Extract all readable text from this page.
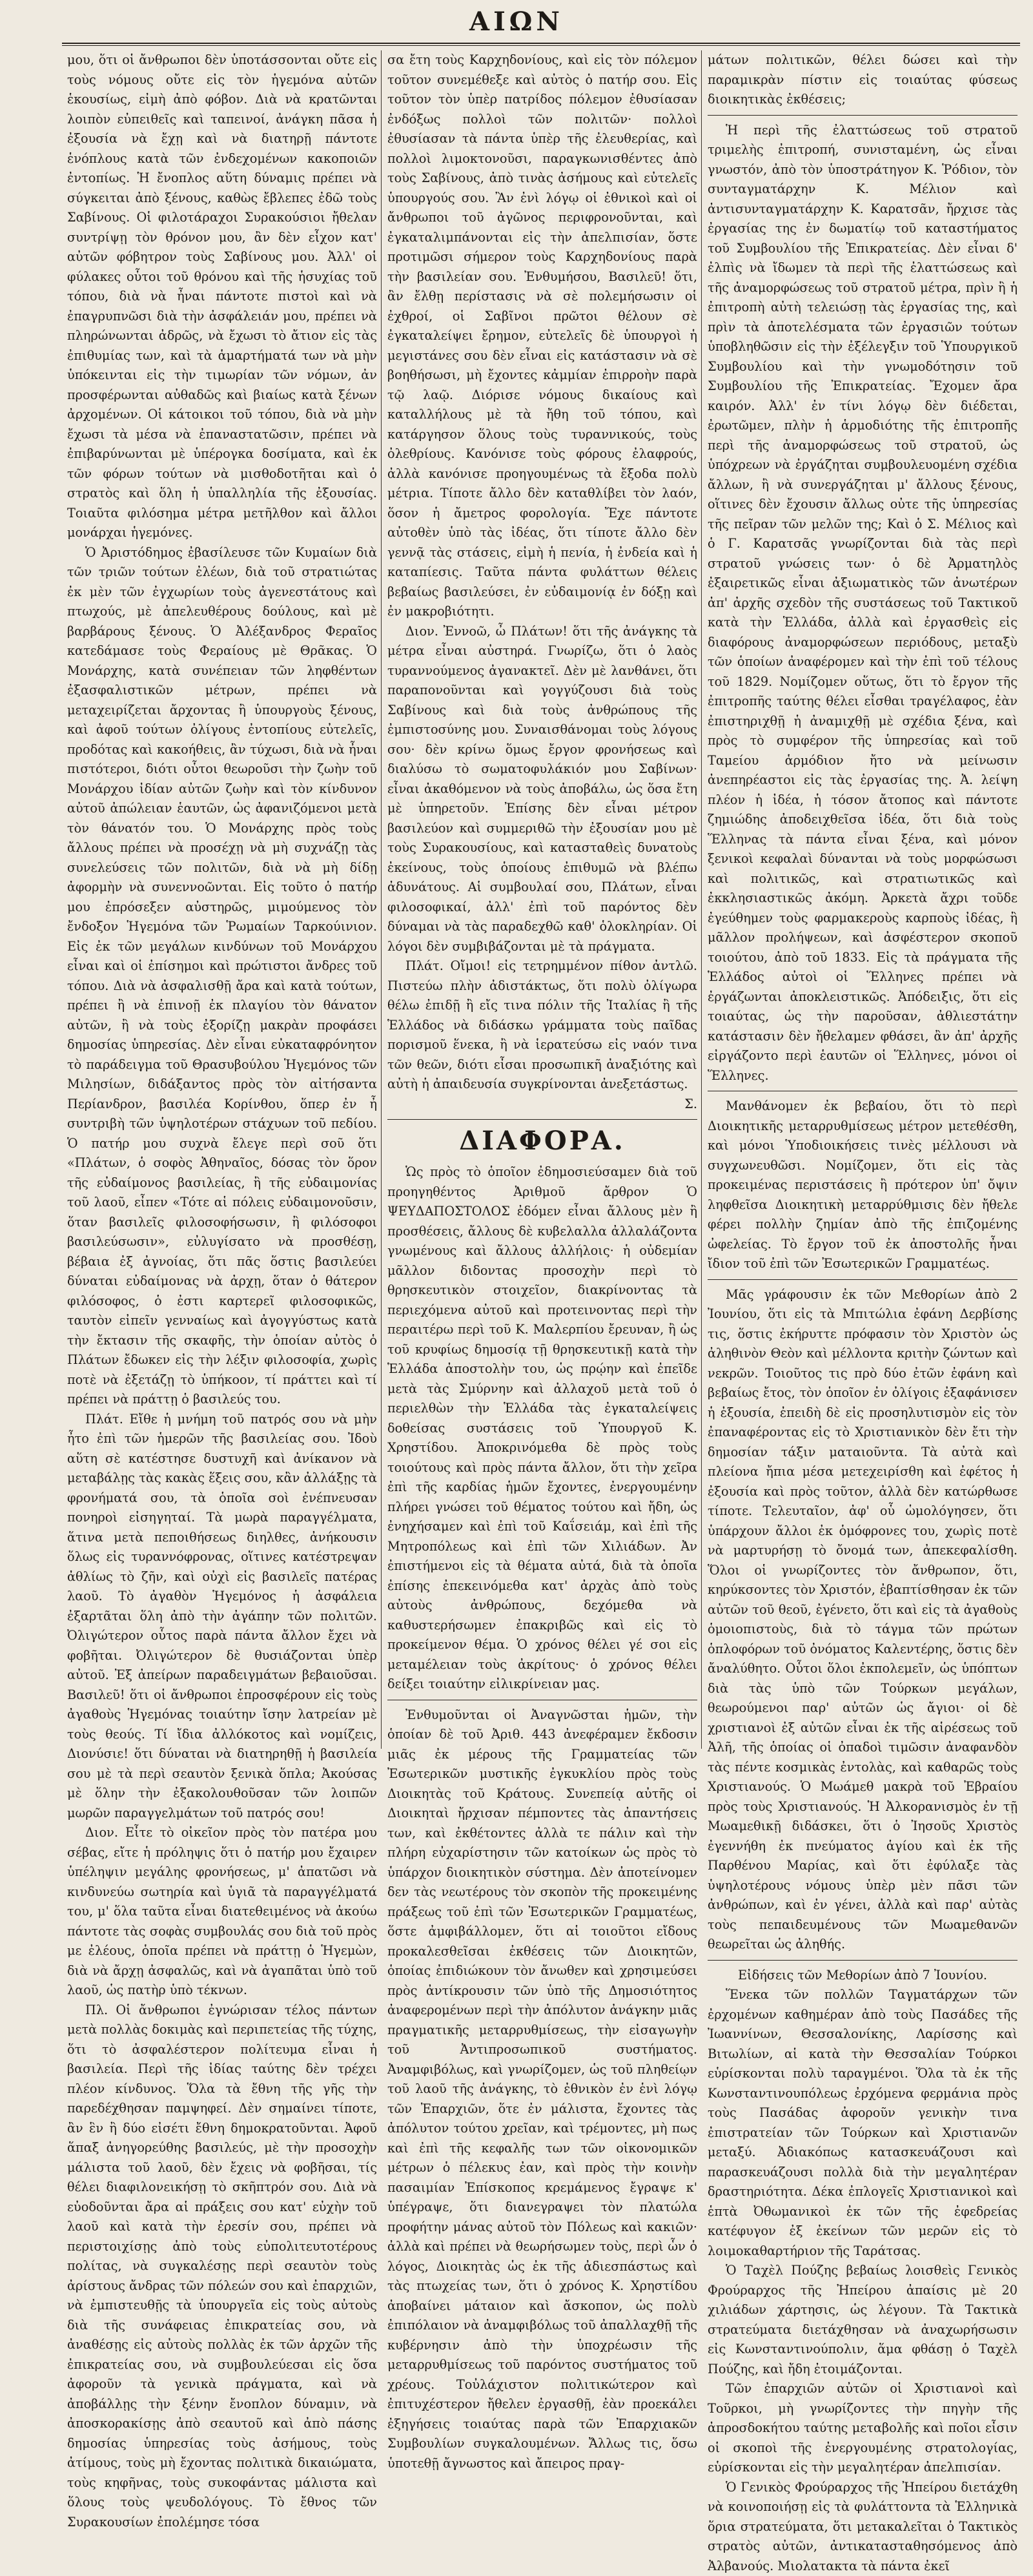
ΑΙΩΝ

μου, ὅτι οἱ ἄνθρωποι δὲν ὑποτάσσονται οὔτε εἰς τοὺς νόμους οὔτε εἰς τὸν ἡγεμόνα αὐτῶν ἑκουσίως, εἰμὴ ἀπὸ φόβον. Διὰ νὰ κρατῶνται λοιπὸν εὐπειθεῖς καὶ ταπεινοί, ἀνάγκη πᾶσα ἡ ἐξουσία νὰ ἔχῃ καὶ νὰ διατηρῇ πάντοτε ἑνόπλους κατὰ τῶν ἐνδεχομένων κακοποιῶν ἐντοπίως. Ἡ ἔνοπλος αὕτη δύναμις πρέπει νὰ σύγκειται ἀπὸ ξένους, καθὼς ἔβλεπες ἐδῶ τοὺς Σαβίνους. Οἱ φιλοτάραχοι Συρακούσιοι ἤθελαν συντρίψῃ τὸν θρόνον μου, ἂν δὲν εἶχον κατ' αὐτῶν φόβητρον τοὺς Σαβίνους μου. Ἀλλ' οἱ φύλακες οὗτοι τοῦ θρόνου καὶ τῆς ἡσυχίας τοῦ τόπου, διὰ νὰ ἦναι πάντοτε πιστοὶ καὶ νὰ ἐπαγρυπνῶσι διὰ τὴν ἀσφάλειάν μου, πρέπει νὰ πληρώνωνται ἀδρῶς, νὰ ἔχωσι τὸ ἄτιον εἰς τὰς ἐπιθυμίας των, καὶ τὰ ἁμαρτήματά των νὰ μὴν ὑπόκεινται εἰς τὴν τιμωρίαν τῶν νόμων, ἀν προσφέρωνται αὐθαδῶς καὶ βιαίως κατὰ ξένων ἀρχομένων. Οἱ κάτοικοι τοῦ τόπου, διὰ νὰ μὴν ἔχωσι τὰ μέσα νὰ ἐπαναστατῶσιν, πρέπει νὰ ἐπιβαρύνωνται μὲ ὑπέρογκα δοσίματα, καὶ ἐκ τῶν φόρων τούτων νὰ μισθοδοτῆται καὶ ὁ στρατὸς καὶ ὅλη ἡ ὑπαλληλία τῆς ἐξουσίας. Τοιαῦτα φιλόσημα μέτρα μετῆλθον καὶ ἄλλοι μονάρχαι ἡγεμόνες.

Ὁ Ἀριστόδημος ἐβασίλευσε τῶν Κυμαίων διὰ τῶν τριῶν τούτων ἐλέων, διὰ τοῦ στρατιώτας ἐκ μὲν τῶν ἐγχωρίων τοὺς ἀγενεστάτους καὶ πτωχούς, μὲ ἀπελευθέρους δούλους, καὶ μὲ βαρβάρους ξένους. Ὁ Ἀλέξανδρος Φεραῖος κατεδάμασε τοὺς Φεραίους μὲ Θρᾶκας. Ὁ Μονάρχης, κατὰ συνέπειαν τῶν ληφθέντων ἐξασφαλιστικῶν μέτρων, πρέπει νὰ μεταχειρίζεται ἄρχοντας ἢ ὑπουργοὺς ξένους, καὶ ἀφοῦ τούτων ὀλίγους ἐντοπίους εὐτελεῖς, προδότας καὶ κακοήθεις, ἂν τύχωσι, διὰ νὰ ἦναι πιστότεροι, διότι οὗτοι θεωροῦσι τὴν ζωὴν τοῦ Μονάρχου ἰδίαν αὐτῶν ζωὴν καὶ τὸν κίνδυνον αὐτοῦ ἀπώλειαν ἑαυτῶν, ὡς ἀφανιζόμενοι μετὰ τὸν θάνατόν του. Ὁ Μονάρχης πρὸς τοὺς ἄλλους πρέπει νὰ προσέχῃ νὰ μὴ συχνάζῃ τὰς συνελεύσεις τῶν πολιτῶν, διὰ νὰ μὴ δίδῃ ἀφορμὴν νὰ συνεννοῶνται. Εἰς τοῦτο ὁ πατήρ μου ἐπρόσεξεν αὐστηρῶς, μιμούμενος τὸν ἔνδοξον Ἡγεμόνα τῶν Ῥωμαίων Ταρκούινιον. Εἰς ἐκ τῶν μεγάλων κινδύνων τοῦ Μονάρχου εἶναι καὶ οἱ ἐπίσημοι καὶ πρώτιστοι ἄνδρες τοῦ τόπου. Διὰ νὰ ἀσφαλισθῇ ἄρα καὶ κατὰ τούτων, πρέπει ἢ νὰ ἐπινοῇ ἐκ πλαγίου τὸν θάνατον αὐτῶν, ἢ νὰ τοὺς ἐξορίζῃ μακρὰν προφάσει δημοσίας ὑπηρεσίας. Δὲν εἶναι εὐκαταφρόνητον τὸ παράδειγμα τοῦ Θρασυβούλου Ἡγεμόνος τῶν Μιλησίων, διδάξαντος πρὸς τὸν αἰτήσαντα Περίανδρον, βασιλέα Κορίνθου, ὅπερ ἐν ἦ συντριβὴ τῶν ὑψηλοτέρων στάχυων τοῦ πεδίου. Ὁ πατήρ μου συχνὰ ἔλεγε περὶ σοῦ ὅτι «Πλάτων, ὁ σοφὸς Ἀθηναῖος, δόσας τὸν ὅρον τῆς εὐδαίμονος βασιλείας, ἢ τῆς εὐδαιμονίας τοῦ λαοῦ, εἶπεν «Τότε αἱ πόλεις εὐδαιμονοῦσιν, ὅταν βασιλεῖς φιλοσοφήσωσιν, ἢ φιλόσοφοι βασιλεύσωσιν», εὐλυγίσατο νὰ προσθέσῃ, βέβαια ἐξ ἀγνοίας, ὅτι πᾶς ὅστις βασιλεύει δύναται εὐδαίμονας νὰ ἀρχῃ, ὅταν ὁ θάτερον φιλόσοφος, ὁ ἐστι καρτερεῖ φιλοσοφικῶς, ταυτὸν εἰπεῖν γενναίως καὶ ἀγογγύστως κατὰ τὴν ἔκτασιν τῆς σκαφῆς, τὴν ὁποίαν αὐτὸς ὁ Πλάτων ἔδωκεν εἰς τὴν λέξιν φιλοσοφία, χωρὶς ποτὲ νὰ ἐξετάζῃ τὸ ὑπήκοον, τί πράττει καὶ τί πρέπει νὰ πράττῃ ὁ βασιλεύς του.

Πλάτ. Εἴθε ἡ μνήμη τοῦ πατρός σου νὰ μὴν ἦτο ἐπὶ τῶν ἡμερῶν τῆς βασιλείας σου. Ἰδοὺ αὕτη σὲ κατέστησε δυστυχῆ καὶ ἀνίκανον νὰ μεταβάλῃς τὰς κακὰς ἕξεις σου, κἂν ἀλλάξῃς τὰ φρονήματά σου, τὰ ὁποῖα σοὶ ἐνέπνευσαν πονηροὶ εἰσηγηταί. Τὰ μωρὰ παραγγέλματα, ἅτινα μετὰ πεποιθήσεως διηλθες, ἀνήκουσιν ὅλως εἰς τυραννόφρονας, οἵτινες κατέστρεψαν ἀθλίως τὸ ζῆν, καὶ οὐχὶ εἰς βασιλεῖς πατέρας λαοῦ. Τὸ ἀγαθὸν Ἡγεμόνος ἡ ἀσφάλεια ἐξαρτᾶται ὅλη ἀπὸ τὴν ἀγάπην τῶν πολιτῶν. Ὀλιγώτερον οὗτος παρὰ πάντα ἄλλον ἔχει νὰ φοβῆται. Ὀλιγώτερον δὲ θυσιάζονται ὑπὲρ αὐτοῦ. Ἐξ ἀπείρων παραδειγμάτων βεβαιοῦσαι. Βασιλεῦ! ὅτι οἱ ἄνθρωποι ἐπροσφέρουν εἰς τοὺς ἀγαθοὺς Ἡγεμόνας τοιαύτην ἴσην λατρείαν μὲ τοὺς θεούς. Τί ἴδια ἀλλόκοτος καὶ νομίζεις, Διονύσιε! ὅτι δύναται νὰ διατηρηθῇ ἡ βασιλεία σου μὲ τὰ περὶ σεαυτὸν ξενικὰ ὅπλα; Ἀκούσας μὲ ὅλην τὴν ἐξακολουθοῦσαν τῶν λοιπῶν μωρῶν παραγγελμάτων τοῦ πατρός σου!

Διον. Εἶτε τὸ οἰκεῖον πρὸς τὸν πατέρα μου σέβας, εἴτε ἡ πρόληψις ὅτι ὁ πατήρ μου ἔχαιρεν ὑπέληψιν μεγάλης φρονήσεως, μ' ἀπατῶσι νὰ κινδυνεύω σωτηρία καὶ ὑγιᾶ τὰ παραγγέλματά του, μ' ὅλα ταῦτα εἶναι διατεθειμένος νὰ ἀκούω πάντοτε τὰς σοφὰς συμβουλάς σου διὰ τοῦ πρὸς με ἐλέους, ὁποῖα πρέπει νὰ πράττῃ ὁ Ἡγεμὼν, διὰ νὰ ἄρχῃ ἀσφαλῶς, καὶ νὰ ἀγαπᾶται ὑπὸ τοῦ λαοῦ, ὡς πατὴρ ὑπὸ τέκνων.

Πλ. Οἱ ἄνθρωποι ἐγνώρισαν τέλος πάντων μετὰ πολλὰς δοκιμὰς καὶ περιπετείας τῆς τύχης, ὅτι τὸ ἀσφαλέστερον πολίτευμα εἶναι ἡ βασιλεία. Περὶ τῆς ἰδίας ταύτης δὲν τρέχει πλέον κίνδυνος. Ὅλα τὰ ἔθνη τῆς γῆς τὴν παρεδέχθησαν παμψηφεί. Δὲν σημαίνει τίποτε, ἂν ἓν ἢ δύο εἰσέτι ἔθνη δημοκρατοῦνται. Ἀφοῦ ἅπαξ ἀνηγορεύθης βασιλεύς, μὲ τὴν προσοχὴν μάλιστα τοῦ λαοῦ, δὲν ἔχεις νὰ φοβῆσαι, τίς θέλει διαφιλονεικήσῃ τὸ σκῆπτρόν σου. Διὰ νὰ εὐοδοῦνται ἄρα αἱ πράξεις σου κατ' εὐχὴν τοῦ λαοῦ καὶ κατὰ τὴν ἐρεσίν σου, πρέπει νὰ περιστοιχίσῃς ἀπὸ τοὺς εὐπολιτευτοτέρους πολίτας, νὰ συγκαλέσῃς περὶ σεαυτὸν τοὺς ἀρίστους ἄνδρας τῶν πόλεών σου καὶ ἐπαρχιῶν, νὰ ἐμπιστευθῇς τὰ ὑπουργεῖα εἰς τοὺς αὐτοὺς διὰ τῆς συνάφειας ἐπικρατείας σου, νὰ ἀναθέσῃς εἰς αὐτοὺς πολλὰς ἐκ τῶν ἀρχῶν τῆς ἐπικρατείας σου, νὰ συμβουλεύεσαι εἰς ὅσα ἀφοροῦν τὰ γενικὰ πράγματα, καὶ νὰ ἀποβάλλῃς τὴν ξένην ἔνοπλον δύναμιν, νὰ ἀποσκορακίσῃς ἀπὸ σεαυτοῦ καὶ ἀπὸ πάσης δημοσίας ὑπηρεσίας τοὺς ἀσήμους, τοὺς ἀτίμους, τοὺς μὴ ἔχοντας πολιτικὰ δικαιώματα, τοὺς κηφῆνας, τοὺς συκοφάντας μάλιστα καὶ ὅλους τοὺς ψευδολόγους. Τὸ ἔθνος τῶν Συρακουσίων ἐπολέμησε τόσα

σα ἔτη τοὺς Καρχηδονίους, καὶ εἰς τὸν πόλεμον τοῦτον συνεμέθεξε καὶ αὐτὸς ὁ πατήρ σου. Εἰς τοῦτον τὸν ὑπὲρ πατρίδος πόλεμον ἐθυσίασαν ἐνδόξως πολλοὶ τῶν πολιτῶν· πολλοὶ ἐθυσίασαν τὰ πάντα ὑπὲρ τῆς ἐλευθερίας, καὶ πολλοὶ λιμοκτονοῦσι, παραγκωνισθέντες ἀπὸ τοὺς Σαβίνους, ἀπὸ τινὰς ἀσήμους καὶ εὐτελεῖς ὑπουργούς σου. Ἂν ἐνὶ λόγῳ οἱ ἐθνικοὶ καὶ οἱ ἄνθρωποι τοῦ ἀγῶνος περιφρονοῦνται, καὶ ἐγκαταλιμπάνονται εἰς τὴν ἀπελπισίαν, ὅστε προτιμῶσι σήμερον τοὺς Καρχηδονίους παρὰ τὴν βασιλείαν σου. Ἐνθυμήσου, Βασιλεῦ! ὅτι, ἂν ἔλθῃ περίστασις νὰ σὲ πολεμήσωσιν οἱ ἐχθροί, οἱ Σαβῖνοι πρῶτοι θέλουν σὲ ἐγκαταλείψει ἔρημον, εὐτελεῖς δὲ ὑπουργοὶ ἡ μεγιστάνες σου δὲν εἶναι εἰς κατάστασιν νὰ σὲ βοηθήσωσι, μὴ ἔχοντες κἀμμίαν ἐπιρροὴν παρὰ τῷ λαῷ. Διόρισε νόμους δικαίους καὶ καταλλήλους μὲ τὰ ἤθη τοῦ τόπου, καὶ κατάργησον ὅλους τοὺς τυραννικούς, τοὺς ὀλεθρίους. Κανόνισε τοὺς φόρους ἐλαφρούς, ἀλλὰ κανόνισε προηγουμένως τὰ ἔξοδα πολὺ μέτρια. Τίποτε ἄλλο δὲν καταθλίβει τὸν λαόν, ὅσον ἡ ἄμετρος φορολογία. Ἔχε πάντοτε αὐτοθὲν ὑπὸ τὰς ἰδέας, ὅτι τίποτε ἄλλο δὲν γεννᾷ τὰς στάσεις, εἰμὴ ἡ πενία, ἡ ἐνδεία καὶ ἡ καταπίεσις. Ταῦτα πάντα φυλάττων θέλεις βεβαίως βασιλεύσει, ἐν εὐδαιμονίᾳ ἐν δόξῃ καὶ ἐν μακροβιότητι.

Διον. Ἐννοῶ, ὦ Πλάτων! ὅτι τῆς ἀνάγκης τὰ μέτρα εἶναι αὐστηρά. Γνωρίζω, ὅτι ὁ λαὸς τυραννούμενος ἀγανακτεῖ. Δὲν μὲ λανθάνει, ὅτι παραπονοῦνται καὶ γογγύζουσι διὰ τοὺς Σαβίνους καὶ διὰ τοὺς ἀνθρώπους τῆς ἐμπιστοσύνης μου. Συναισθάνομαι τοὺς λόγους σου· δὲν κρίνω ὅμως ἔργον φρονήσεως καὶ διαλύσω τὸ σωματοφυλάκιόν μου Σαβίνων· εἶναι ἀκαθόμενον νὰ τοὺς ἀποβάλω, ὡς ὅσα ἔτη μὲ ὑπηρετοῦν. Ἐπίσης δὲν εἶναι μέτρον βασιλεύον καὶ συμμεριθῶ τὴν ἐξουσίαν μου μὲ τοὺς Συρακουσίους, καὶ κατασταθεὶς δυνατοὺς ἐκείνους, τοὺς ὁποίους ἐπιθυμῶ νὰ βλέπω ἀδυνάτους. Αἱ συμβουλαί σου, Πλάτων, εἶναι φιλοσοφικαί, ἀλλ' ἐπὶ τοῦ παρόντος δὲν δύναμαι νὰ τὰς παραδεχθῶ καθ' ὁλοκληρίαν. Οἱ λόγοι δὲν συμβιβάζονται μὲ τὰ πράγματα.

Πλάτ. Οἴμοι! εἰς τετρημμένον πίθον ἀντλῶ. Πιστεύω πλὴν ἀδιστάκτως, ὅτι πολὺ ὀλίγωρα θέλω ἐπιδῇ ἢ εἴς τινα πόλιν τῆς Ἰταλίας ἢ τῆς Ἑλλάδος νὰ διδάσκω γράμματα τοὺς παῖδας πορισμοῦ ἕνεκα, ἢ νὰ ἱερατεύσω εἰς ναόν τινα τῶν θεῶν, διότι εἶσαι προσωπικῆ ἀναξιότης καὶ αὐτὴ ἡ ἀπαιδευσία συγκρίνονται ἀνεξετάστως.

Σ.
ΔΙΑΦΟΡΑ.

Ὡς πρὸς τὸ ὁποῖον ἐδημοσιεύσαμεν διὰ τοῦ προηγηθέντος Ἀριθμοῦ ἄρθρον Ὁ ΨΕΥΔΑΠΟΣΤΟΛΟΣ ἐδόμεν εἶναι ἄλλους μὲν ἢ προσθέσεις, ἄλλους δὲ κυβελαλλα ἀλλαλάζοντα γνωμένους καὶ ἄλλους ἀλλήλοις· ἡ οὐδεμίαν μᾶλλον διδοντας προσοχὴν περὶ τὸ θρησκευτικὸν στοιχεῖον, διακρίνοντας τὰ περιεχόμενα αὐτοῦ καὶ προτεινοντας περὶ τὴν περαιτέρω περὶ τοῦ Κ. Μαλερπίου ἔρευναν, ἢ ὡς τοῦ κρυφίως δημοσίᾳ τῇ θρησκευτικῇ κατὰ τὴν Ἑλλάδα ἀποστολὴν του, ὡς πρῴην καὶ ἐπεῖδε μετὰ τὰς Σμύρνην καὶ ἀλλαχοῦ μετὰ τοῦ ὁ περιελθὼν τὴν Ἑλλάδα τὰς ἐγκαταλείψεις δοθείσας συστάσεις τοῦ Ὑπουργοῦ Κ. Χρηστίδου. Ἀποκρινόμεθα δὲ πρὸς τοὺς τοιούτους καὶ πρὸς πάντα ἄλλον, ὅτι τὴν χεῖρα ἐπὶ τῆς καρδίας ἡμῶν ἔχοντες, ἐνεργουμένην πλήρει γνώσει τοῦ θέματος τούτου καὶ ἤδη, ὡς ἐνηχήσαμεν καὶ ἐπὶ τοῦ Καΐσειάμ, καὶ ἐπὶ τῆς Μητροπόλεως καὶ ἐπὶ τῶν Χιλιάδων. Ἀν ἐπιστήμενοι εἰς τὰ θέματα αὐτά, διὰ τὰ ὁποῖα ἐπίσης ἐπεκεινόμεθα κατ' ἀρχὰς ἀπὸ τοὺς αὐτοὺς ἀνθρώπους, δεχόμεθα νὰ καθυστερήσωμεν ἐπακριβῶς καὶ εἰς τὸ προκείμενον θέμα. Ὁ χρόνος θέλει γέ σοι εἰς μεταμέλειαν τοὺς ἀκρίτους· ὁ χρόνος θέλει δείξει τοιαύτην εἰλικρίνειαν μας.

Ἐνθυμοῦνται οἱ Ἀναγνῶσται ἡμῶν, τὴν ὁποίαν δὲ τοῦ Ἀριθ. 443 ἀνεφέραμεν ἔκδοσιν μιᾶς ἐκ μέρους τῆς Γραμματείας τῶν Ἐσωτερικῶν μυστικῆς ἐγκυκλίου πρὸς τοὺς Διοικητὰς τοῦ Κράτους. Συνεπείᾳ αὐτῆς οἱ Διοικηταὶ ἤρχισαν πέμποντες τὰς ἀπαντήσεις των, καὶ ἐκθέτοντες ἀλλὰ τε πάλιν καὶ τὴν πλήρη εὐχαρίστησιν τῶν κατοίκων ὡς πρὸς τὸ ὑπάρχον διοικητικὸν σύστημα. Δὲν ἀποτείνομεν δεν τὰς νεωτέρους τὸν σκοπὸν τῆς προκειμένης πράξεως τοῦ ἐπὶ τῶν Ἐσωτερικῶν Γραμματέως, ὅστε ἀμφιβάλλομεν, ὅτι αἱ τοιοῦτοι εἴδους προκαλεσθεῖσαι ἐκθέσεις τῶν Διοικητῶν, ὁποίας ἐπιδιώκουν τὸν ἄνωθεν καὶ χρησιμεύσει πρὸς ἀντίκρουσιν τῶν ὑπὸ τῆς Δημοσιότητος ἀναφερομένων περὶ τὴν ἀπόλυτον ἀνάγκην μιᾶς πραγματικῆς μεταρρυθμίσεως, τὴν εἰσαγωγὴν τοῦ Ἀντιπροσωπικοῦ συστήματος. Ἀναμφιβόλως, καὶ γνωρίζομεν, ὡς τοῦ πληθείῳν τοῦ λαοῦ τῆς ἀνάγκης, τὸ ἐθνικὸν ἐν ἑνὶ λόγῳ τῶν Ἐπαρχιῶν, ὅτε ἐν μάλιστα, ἔχοντες τὰς ἀπόλυτον τούτου χρεῖαν, καὶ τρέμοντες, μὴ πως καὶ ἐπὶ τῆς κεφαλῆς των τῶν οἰκονομικῶν μέτρων ὁ πέλεκυς ἐαν, καὶ πρὸς τὴν κοινὴν πασαιμίαν Ἐπίσκοπος κρεμάμενος ἔγραψε κ' ὑπέγραψε, ὅτι διανεγραψει τὸν πλατώλα προφήτην μάνας αὐτοῦ τὸν Πόλεως καὶ κακιῶν· ἀλλὰ καὶ πρέπει νὰ θεωρήσωμεν τοὺς, περὶ ὧν ὁ λόγος, Διοικητὰς ὡς ἐκ τῆς ἀδιεσπάστως καὶ τὰς πτωχείας των, ὅτι ὁ χρόνος Κ. Χρηστίδου ἀποβαίνει μάταιον καὶ ἄσκοπον, ὡς πολὺ ἐπιπόλαιον νὰ ἀναμφιβόλως τοῦ ἀπαλλαχθῇ τῆς κυβέρνησιν ἀπὸ τὴν ὑποχρέωσιν τῆς μεταρρυθμίσεως τοῦ παρόντος συστήματος τοῦ χρέους. Τοὐλάχιστον πολιτικώτερον καὶ ἐπιτυχέστερον ἤθελεν ἐργασθῇ, ἐὰν προεκάλει ἐξηγήσεις τοιαύτας παρὰ τῶν Ἐπαρχιακῶν Συμβουλίων συγκαλουμένων. Ἄλλως τις, ὅσω ὑποτεθῇ ἄγνωστος καὶ ἄπειρος πραγ-

μάτων πολιτικῶν, θέλει δώσει καὶ τὴν παραμικρὰν πίστιν εἰς τοιαύτας φύσεως διοικητικὰς ἐκθέσεις;

Ἡ περὶ τῆς ἐλαττώσεως τοῦ στρατοῦ τριμελὴς ἐπιτροπή, συνισταμένη, ὡς εἶναι γνωστόν, ἀπὸ τὸν ὑποστράτηγον Κ. Ῥόδιον, τὸν συνταγματάρχην Κ. Μέλιον καὶ ἀντισυνταγματάρχην Κ. Καρατσᾶν, ἤρχισε τὰς ἐργασίας της ἐν δωματίῳ τοῦ καταστήματος τοῦ Συμβουλίου τῆς Ἐπικρατείας. Δὲν εἶναι δ' ἐλπὶς νὰ ἴδωμεν τὰ περὶ τῆς ἐλαττώσεως καὶ τῆς ἀναμορφώσεως τοῦ στρατοῦ μέτρα, πρὶν ἢ ἡ ἐπιτροπὴ αὐτὴ τελειώσῃ τὰς ἐργασίας της, καὶ πρὶν τὰ ἀποτελέσματα τῶν ἐργασιῶν τούτων ὑποβληθῶσιν εἰς τὴν ἐξέλεγξιν τοῦ Ὑπουργικοῦ Συμβουλίου καὶ τὴν γνωμοδότησιν τοῦ Συμβουλίου τῆς Ἐπικρατείας. Ἔχομεν ἄρα καιρόν. Ἀλλ' ἐν τίνι λόγῳ δὲν διέδεται, ἐρωτῶμεν, πλὴν ἡ ἁρμοδιότης τῆς ἐπιτροπῆς περὶ τῆς ἀναμορφώσεως τοῦ στρατοῦ, ὡς ὑπόχρεων νὰ ἐργάζηται συμβουλευομένη σχέδια ἄλλων, ἢ νὰ συνεργάζηται μ' ἄλλους ξένους, οἵτινες δὲν ἔχουσιν ἄλλως οὐτε τῆς ὑπηρεσίας τῆς πεῖραν τῶν μελῶν της; Καὶ ὁ Σ. Μέλιος καὶ ὁ Γ. Καρατσᾶς γνωρίζονται διὰ τὰς περὶ στρατοῦ γνώσεις των· ὁ δὲ Ἀρματηλὸς ἐξαιρετικῶς εἶναι ἀξιωματικὸς τῶν ἀνωτέρων ἀπ' ἀρχῆς σχεδὸν τῆς συστάσεως τοῦ Τακτικοῦ κατὰ τὴν Ἑλλάδα, ἀλλὰ καὶ ἐργασθεὶς εἰς διαφόρους ἀναμορφώσεων περιόδους, μεταξὺ τῶν ὁποίων ἀναφέρομεν καὶ τὴν ἐπὶ τοῦ τέλους τοῦ 1829. Νομίζομεν οὕτως, ὅτι τὸ ἔργον τῆς ἐπιτροπῆς ταύτης θέλει εἶσθαι τραγέλαφος, ἐὰν ἐπιστηριχθῇ ἡ ἀναμιχθῇ μὲ σχέδια ξένα, καὶ πρὸς τὸ συμφέρον τῆς ὑπηρεσίας καὶ τοῦ Ταμείου ἁρμόδιον ἤτο νὰ μείνωσιν ἀνεπηρέαστοι εἰς τὰς ἐργασίας της. Ἀ. λείψη πλέον ἡ ἰδέα, ἡ τόσον ἄτοπος καὶ πάντοτε ζημιώδης ἀποδειχθεῖσα ἰδέα, ὅτι διὰ τοὺς Ἕλληνας τὰ πάντα εἶναι ξένα, καὶ μόνον ξενικοὶ κεφαλαὶ δύνανται νὰ τοὺς μορφώσωσι καὶ πολιτικῶς, καὶ στρατιωτικῶς καὶ ἐκκλησιαστικῶς ἀκόμη. Ἀρκετὰ ἄχρι τοῦδε ἐγεύθημεν τοὺς φαρμακεροὺς καρποὺς ἰδέας, ἢ μᾶλλον προλήψεων, καὶ ἀσφέστερον σκοποῦ τοιούτου, ἀπὸ τοῦ 1833. Εἰς τὰ πράγματα τῆς Ἑλλάδος αὐτοὶ οἱ Ἕλληνες πρέπει νὰ ἐργάζωνται ἀποκλειστικῶς. Ἀπόδειξις, ὅτι εἰς τοιαύτας, ὡς τὴν παροῦσαν, ἀθλιεστάτην κατάστασιν δὲν ἤθελαμεν φθάσει, ἂν ἀπ' ἀρχῆς εἰργάζοντο περὶ ἑαυτῶν οἱ Ἕλληνες, μόνοι οἱ Ἕλληνες.

Μανθάνομεν ἐκ βεβαίου, ὅτι τὸ περὶ Διοικητικῆς μεταρρυθμίσεως μέτρον μετεθέσθη, καὶ μόνοι Ὑποδιοικήσεις τινὲς μέλλουσι νὰ συγχωνευθῶσι. Νομίζομεν, ὅτι εἰς τὰς προκειμένας περιστάσεις ἢ πρότερον ὑπ' ὄψιν ληφθεῖσα Διοικητικὴ μεταρρύθμισις δὲν ἤθελε φέρει πολλὴν ζημίαν ἀπὸ τῆς ἐπιζομένης ὠφελείας. Τὸ ἔργον τοῦ ἐκ ἀποστολῆς ἦναι ἴδιον τοῦ ἐπὶ τῶν Ἐσωτερικῶν Γραμματέως.

Μᾶς γράφουσιν ἐκ τῶν Μεθορίων ἀπὸ 2 Ἰουνίου, ὅτι εἰς τὰ Μπιτώλια ἐφάνη Δερβίσης τις, ὅστις ἐκήρυττε πρόφασιν τὸν Χριστὸν ὡς ἀληθινὸν Θεὸν καὶ μέλλοντα κριτὴν ζώντων καὶ νεκρῶν. Τοιοῦτος τις πρὸ δύο ἐτῶν ἐφάνη καὶ βεβαίως ἔτος, τὸν ὁποῖον ἐν ὀλίγοις ἐξαφάνισεν ἡ ἐξουσία, ἐπειδὴ δὲ εἰς προσηλυτισμὸν εἰς τὸν ἐπαναφέροντας εἰς τὸ Χριστιανικὸν δὲν ἔτι τὴν δημοσίαν τάξιν ματαιοῦντα. Τὰ αὐτὰ καὶ πλείονα ἤπια μέσα μετεχειρίσθη καὶ ἐφέτος ἡ ἐξουσία καὶ πρὸς τοῦτον, ἀλλὰ δὲν κατώρθωσε τίποτε. Τελευταῖον, ἀφ' οὗ ὡμολόγησεν, ὅτι ὑπάρχουν ἄλλοι ἐκ ὁμόφρονες του, χωρὶς ποτὲ νὰ μαρτυρήσῃ τὸ ὄνομά των, ἀπεκεφαλίσθη. Ὅλοι οἱ γνωρίζοντες τὸν ἄνθρωπον, ὅτι, κηρύκσοντες τὸν Χριστόν, ἐβαπτίσθησαν ἐκ τῶν αὐτῶν τοῦ θεοῦ, ἐγένετο, ὅτι καὶ εἰς τὰ ἀγαθοὺς ὁμοιοπιστοὺς, διὰ τὸ τάγμα τῶν πρώτων ὁπλοφόρων τοῦ ὀνόματος Καλεντέρης, ὅστις δὲν ἄναλύθητο. Οὗτοι ὅλοι ἐκπολεμεῖν, ὡς ὑπόπτων διὰ τὰς ὑπὸ τῶν Τούρκων μεγάλων, θεωρούμενοι παρ' αὐτῶν ὡς ἄγιοι· οἱ δὲ χριστιανοὶ ἐξ αὐτῶν εἶναι ἐκ τῆς αἱρέσεως τοῦ Ἀλῆ, τῆς ὁποίας οἱ ὀπαδοὶ τιμῶσιν ἀναφανδὸν τὰς πέντε κοσμικὰς ἐντολὰς, καὶ καθαρῶς τοὺς Χριστιανούς. Ὁ Μωάμεθ μακρὰ τοῦ Ἐβραίου πρὸς τοὺς Χριστιανούς. Ἡ Ἀλκορανισμὸς ἐν τῇ Μωαμεθικῇ διδάσκει, ὅτι ὁ Ἰησοῦς Χριστὸς ἐγεννήθη ἐκ πνεύματος ἁγίου καὶ ἐκ τῆς Παρθένου Μαρίας, καὶ ὅτι ἐφύλαξε τὰς ὑψηλοτέρους νόμους ὑπὲρ μὲν πᾶσι τῶν ἀνθρώπων, καὶ ἐν γένει, ἀλλὰ καὶ παρ' αὐτὰς τοὺς πεπαιδευμένους τῶν Μωαμεθανῶν θεωρεῖται ὡς ἀληθής.

Εἰδήσεις τῶν Μεθορίων ἀπὸ 7 Ἰουνίου.

Ἕνεκα τῶν πολλῶν Ταγματάρχων τῶν ἐρχομένων καθημέραν ἀπὸ τοὺς Πασάδες τῆς Ἰωαννίνων, Θεσσαλονίκης, Λαρίσσης καὶ Βιτωλίων, αἱ κατὰ τὴν Θεσσαλίαν Τούρκοι εὑρίσκονται πολὺ ταραγμένοι. Ὅλα τὰ ἐκ τῆς Κωνσταντινουπόλεως ἐρχόμενα φερμάνια πρὸς τοὺς Πασάδας ἀφοροῦν γενικὴν τινα ἐπιστρατείαν τῶν Τούρκων καὶ Χριστιανῶν μεταξύ. Ἀδιακόπως κατασκευάζουσι καὶ παρασκευάζουσι πολλὰ διὰ τὴν μεγαλητέραν δραστηριότητα. Δέκα ἐπλογεῖς Χριστιανικοὶ καὶ ἑπτὰ Ὀθωμανικοὶ ἐκ τῶν τῆς ἐφεδρείας κατέφυγον ἐξ ἐκείνων τῶν μερῶν εἰς τὸ λοιμοκαθαρτήριον τῆς Ταράτσας.

Ὁ Ταχὲλ Πούζης βεβαίως λοισθεὶς Γενικὸς Φρούραρχος τῆς Ἠπείρου ἀπαίσις μὲ 20 χιλιάδων χάρτησις, ὡς λέγουν. Τὰ Τακτικὰ στρατεύματα διετάχθησαν νὰ ἀναχωρήσωσιν εἰς Κωνσταντινούπολιν, ἅμα φθάσῃ ὁ Ταχὲλ Πούζης, καὶ ἤδη ἐτοιμάζονται.

Τῶν ἐπαρχιῶν αὐτῶν οἱ Χριστιανοὶ καὶ Τοῦρκοι, μὴ γνωρίζοντες τὴν πηγὴν τῆς ἀπροσδοκήτου ταύτης μεταβολῆς καὶ ποῖοι εἶσιν οἱ σκοποὶ τῆς ἐνεργουμένης στρατολογίας, εὑρίσκονται εἰς τὴν μεγαλητέραν ἀπελπισίαν.

Ὁ Γενικὸς Φρούραρχος τῆς Ἠπείρου διετάχθη νὰ κοινοποιήσῃ εἰς τὰ φυλάττοντα τὰ Ἑλληνικὰ ὅρια στρατεύματα, ὅτι μετακαλεῖται ὁ Τακτικὸς στρατὸς αὐτῶν, ἀντικατασταθησόμενος ἀπὸ Ἀλβανούς. Μιολατακτα τὰ πάντα ἐκεῖ
